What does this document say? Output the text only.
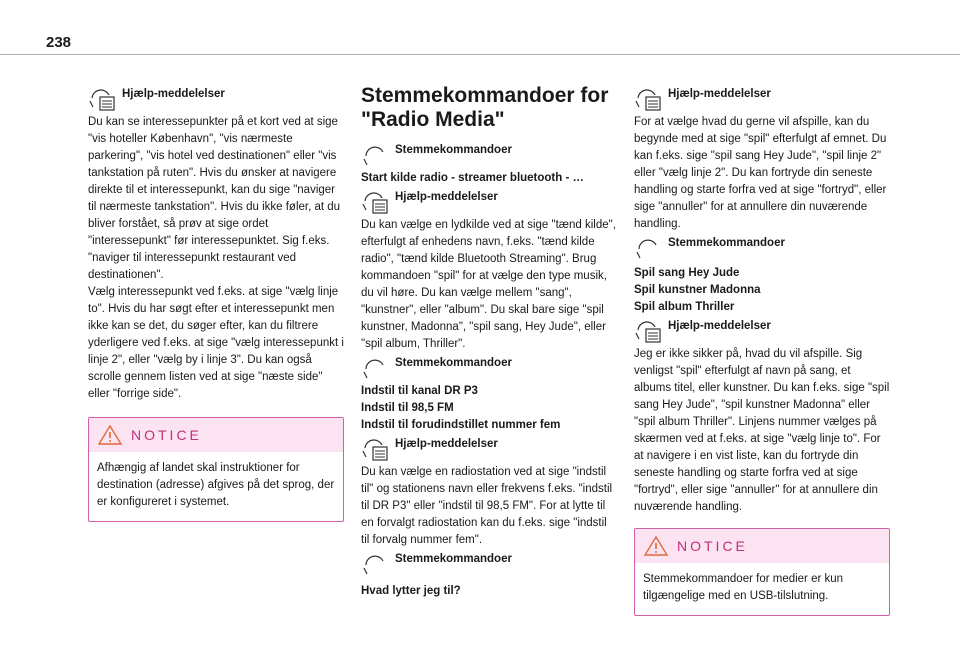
238
Hjælp-meddelelser

Du kan se interessepunkter på et kort ved at sige "vis hoteller København", "vis nærmeste parkering", "vis hotel ved destinationen" eller "vis tankstation på ruten". Hvis du ønsker at navigere direkte til et interessepunkt, kan du sige "naviger til nærmeste tankstation". Hvis du ikke føler, at du bliver forstået, så prøv at sige ordet "interessepunkt" før interessepunktet. Sig f.eks. "naviger til interessepunkt restaurant ved destinationen".

Vælg interessepunkt ved f.eks. at sige "vælg linje to". Hvis du har søgt efter et interessepunkt men ikke kan se det, du søger efter, kan du filtrere yderligere ved f.eks. at sige "vælg interessepunkt i linje 2", eller "vælg by i linje 3". Du kan også scrolle gennem listen ved at sige "næste side" eller "forrige side".

NOTICE

Afhængig af landet skal instruktioner for destination (adresse) afgives på det sprog, der er konfigureret i systemet.

Stemmekommandoer for "Radio Media"

Stemmekommandoer

Start kilde radio - streamer bluetooth - …

Hjælp-meddelelser

Du kan vælge en lydkilde ved at sige "tænd kilde", efterfulgt af enhedens navn, f.eks. "tænd kilde radio", "tænd kilde Bluetooth Streaming". Brug kommandoen "spil" for at vælge den type musik, du vil høre. Du kan vælge mellem "sang", "kunstner", eller "album". Du skal bare sige "spil kunstner, Madonna", "spil sang, Hey Jude", eller "spil album, Thriller".

Stemmekommandoer

Indstil til kanal DR P3

Indstil til 98,5 FM

Indstil til forudindstillet nummer fem

Hjælp-meddelelser

Du kan vælge en radiostation ved at sige "indstil til" og stationens navn eller frekvens f.eks. "indstil til DR P3" eller "indstil til 98,5 FM". For at lytte til en forvalgt radiostation kan du f.eks. sige "indstil til forvalg nummer fem".

Stemmekommandoer

Hvad lytter jeg til?

Hjælp-meddelelser

For at vælge hvad du gerne vil afspille, kan du begynde med at sige "spil" efterfulgt af emnet. Du kan f.eks. sige "spil sang Hey Jude", "spil linje 2" eller "vælg linje 2". Du kan fortryde din seneste handling og starte forfra ved at sige "fortryd", eller sige "annuller" for at annullere din nuværende handling.

Stemmekommandoer

Spil sang Hey Jude

Spil kunstner Madonna

Spil album Thriller

Hjælp-meddelelser

Jeg er ikke sikker på, hvad du vil afspille. Sig venligst "spil" efterfulgt af navn på sang, et albums titel, eller kunstner. Du kan f.eks. sige "spil sang Hey Jude", "spil kunstner Madonna" eller "spil album Thriller". Linjens nummer vælges på skærmen ved at f.eks. at sige "vælg linje to". For at navigere i en vist liste, kan du fortryde din seneste handling og starte forfra ved at sige "fortryd", eller sige "annuller" for at annullere din nuværende handling.

NOTICE

Stemmekommandoer for medier er kun tilgængelige med en USB-tilslutning.
